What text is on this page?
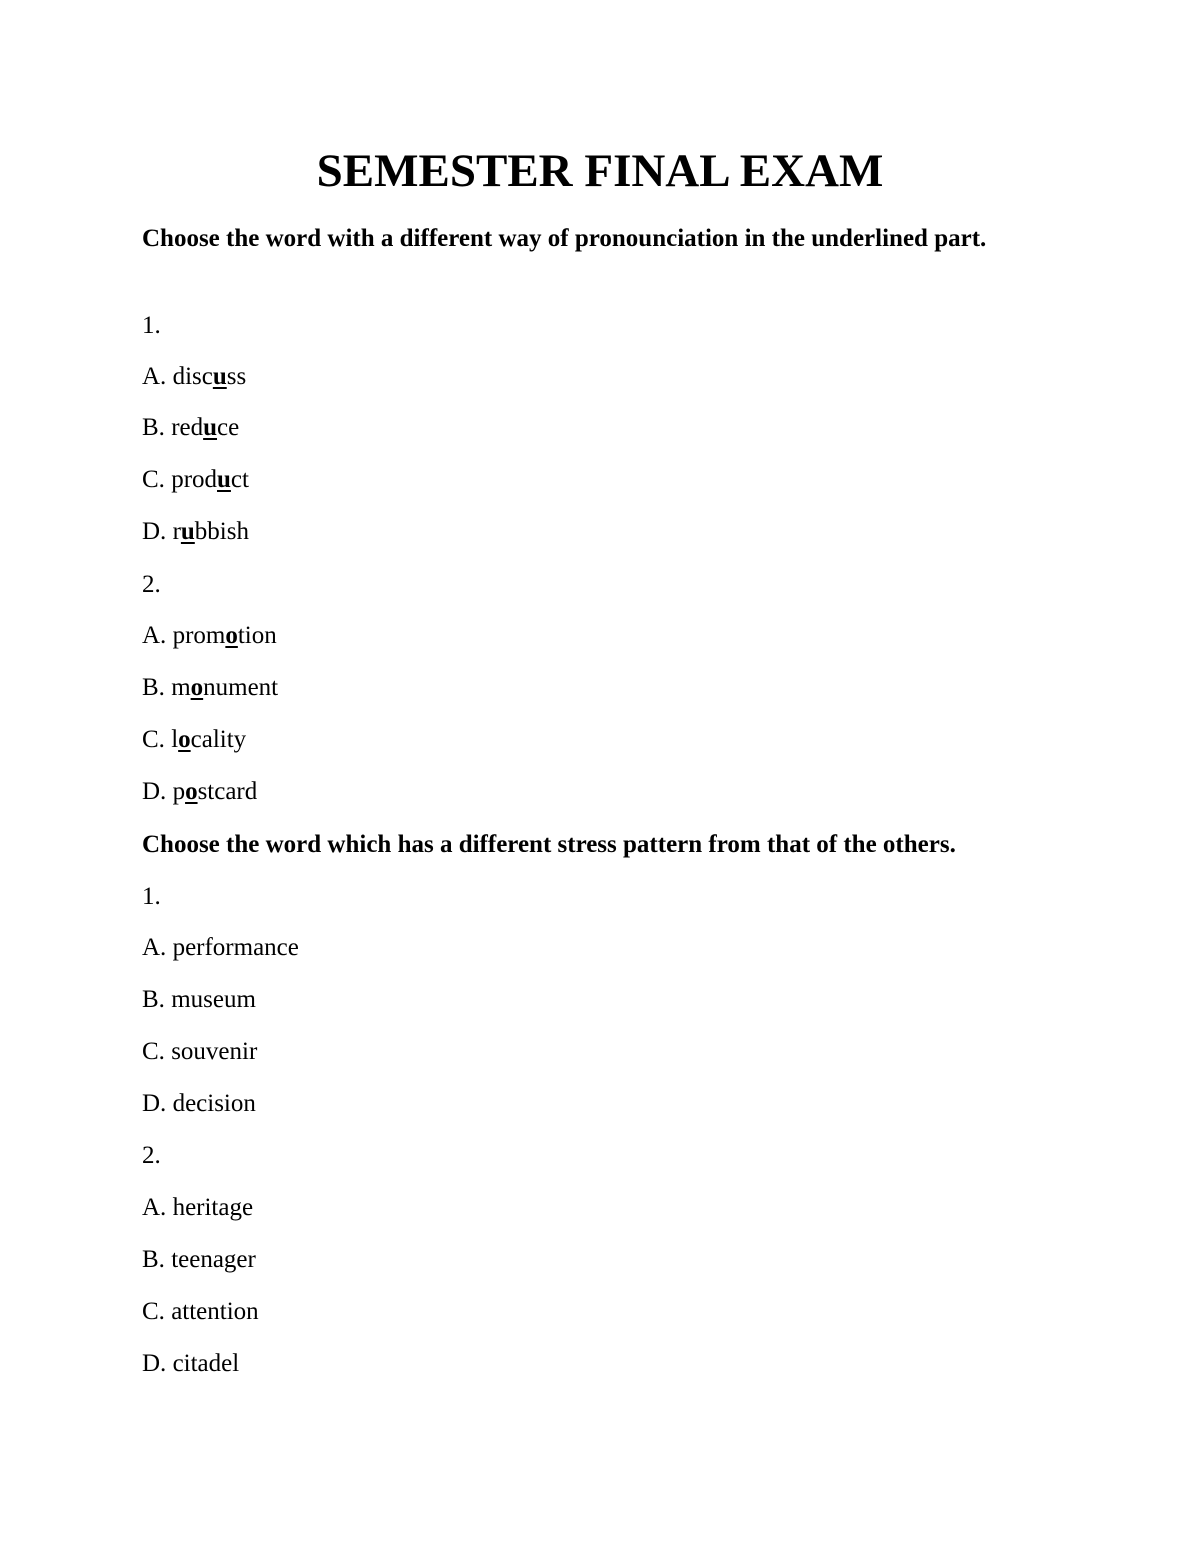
SEMESTER FINAL EXAM
Choose the word with a different way of pronounciation in the underlined part.
1.
A. discuss
B. reduce
C. product
D. rubbish
2.
A. promotion
B. monument
C. locality
D. postcard
Choose the word which has a different stress pattern from that of the others.
1.
A. performance
B. museum
C. souvenir
D. decision
2.
A. heritage
B. teenager
C. attention
D. citadel
